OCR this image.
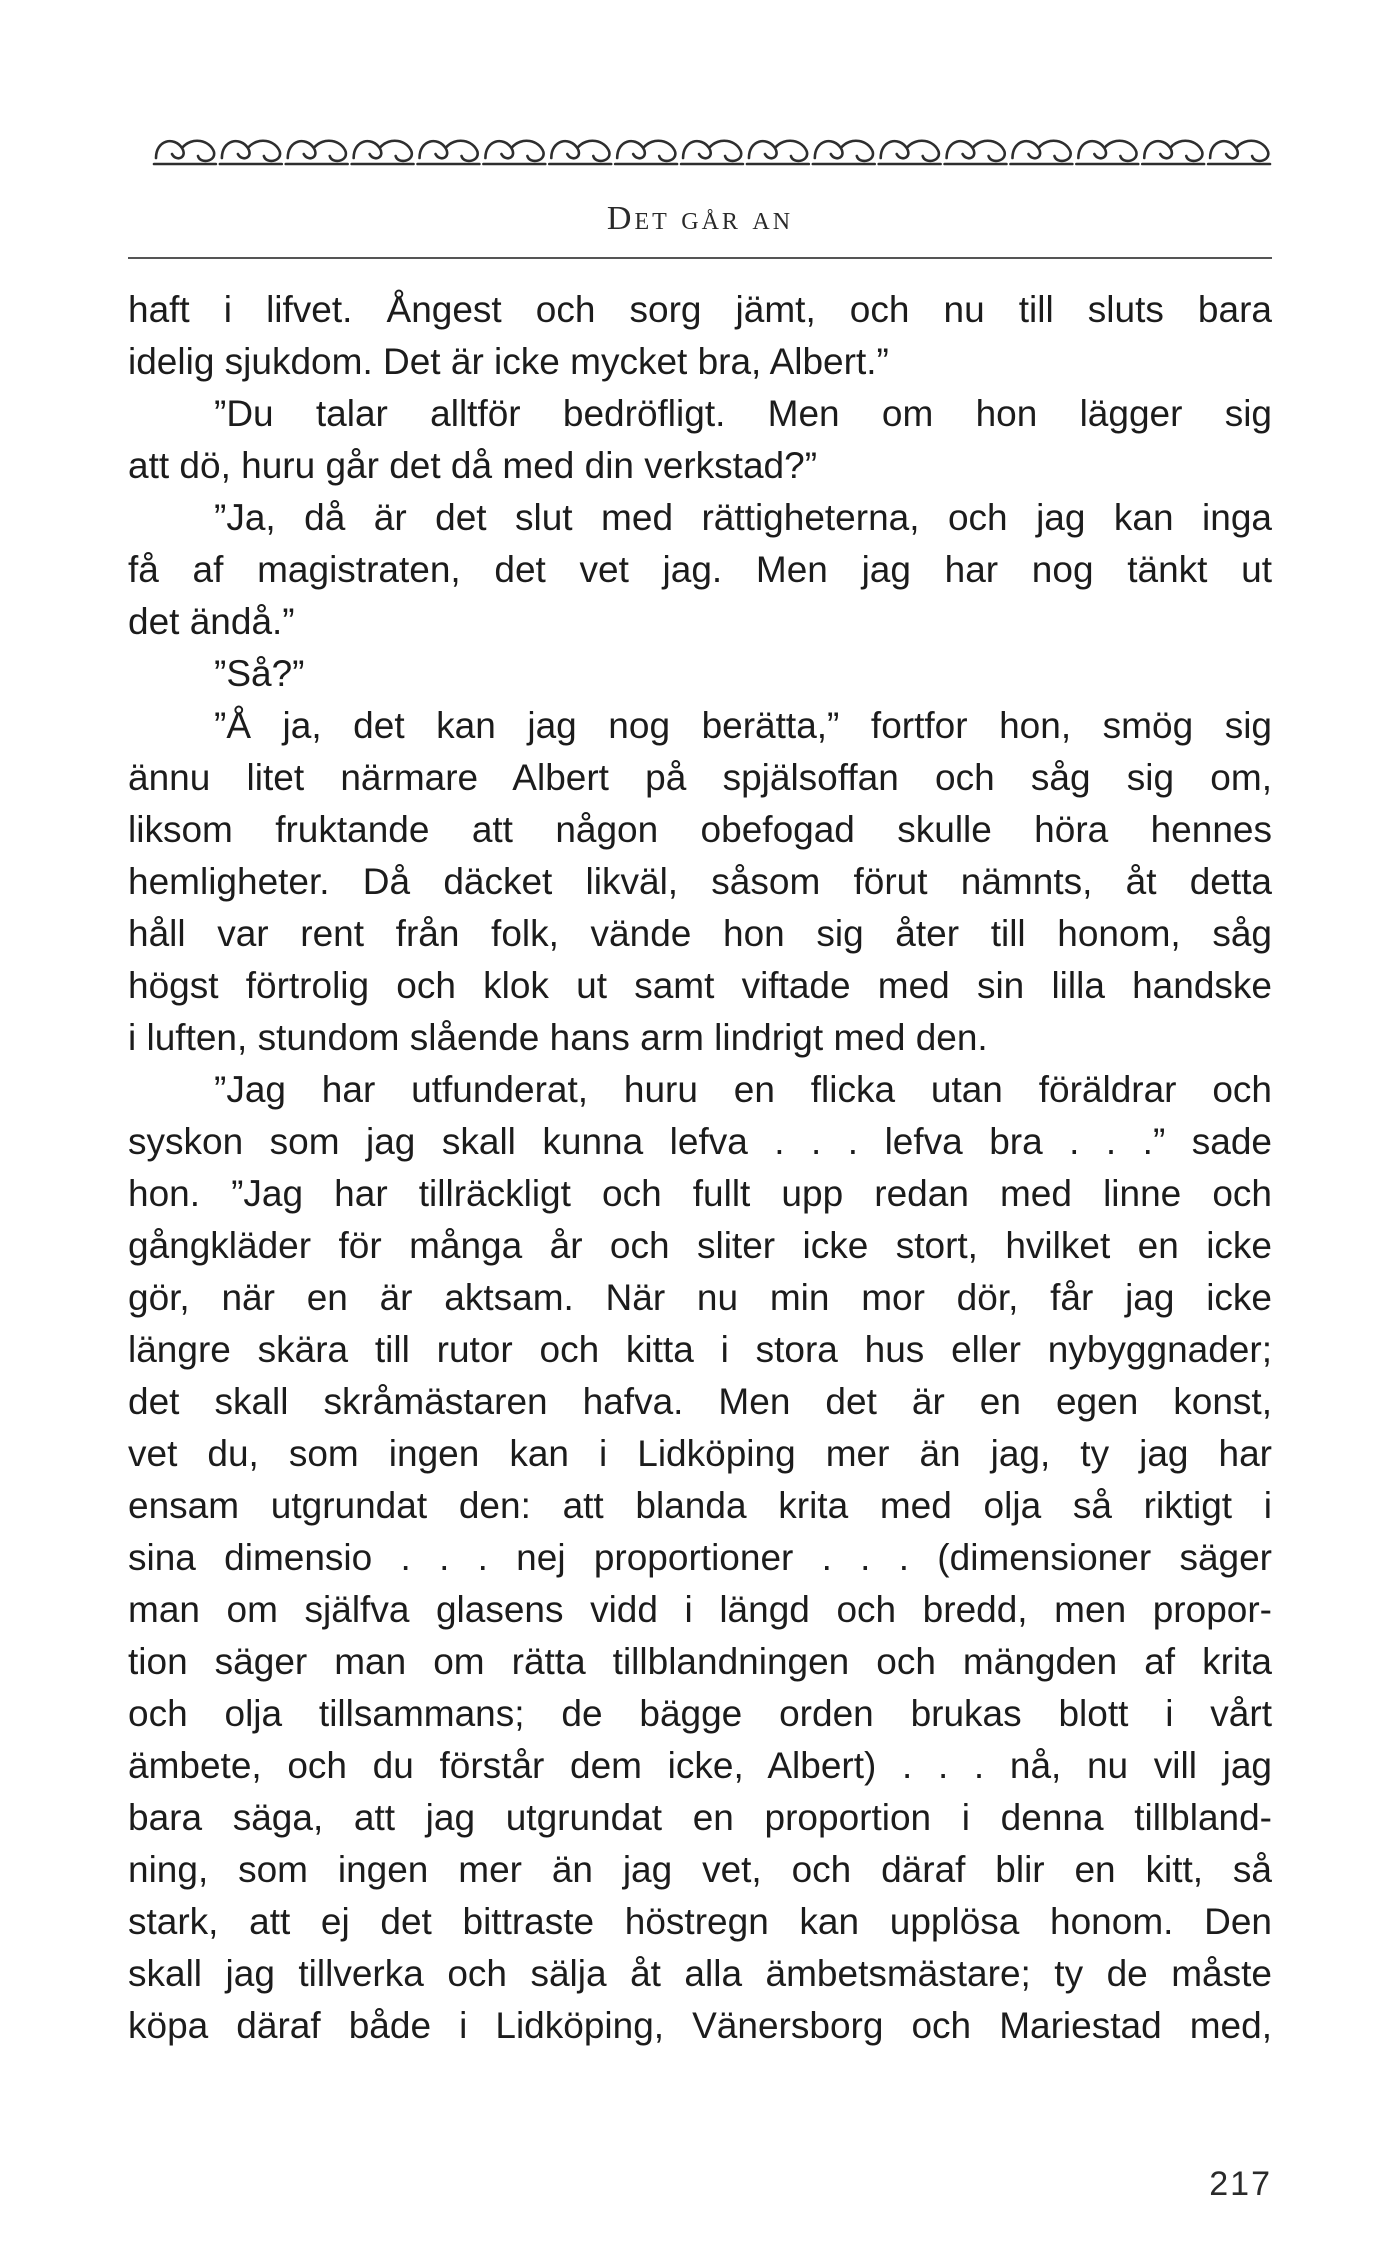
Det går an
haft i lifvet. Ångest och sorg jämt, och nu till sluts bara
idelig sjukdom. Det är icke mycket bra, Albert.”
”Du talar alltför bedröfligt. Men om hon lägger sig
att dö, huru går det då med din verkstad?”
”Ja, då är det slut med rättigheterna, och jag kan inga
få af magistraten, det vet jag. Men jag har nog tänkt ut
det ändå.”
”Så?”
”Å ja, det kan jag nog berätta,” fortfor hon, smög sig
ännu litet närmare Albert på spjälsoffan och såg sig om,
liksom fruktande att någon obefogad skulle höra hennes
hemligheter. Då däcket likväl, såsom förut nämnts, åt detta
håll var rent från folk, vände hon sig åter till honom, såg
högst förtrolig och klok ut samt viftade med sin lilla handske
i luften, stundom slående hans arm lindrigt med den.
”Jag har utfunderat, huru en flicka utan föräldrar och
syskon som jag skall kunna lefva . . . lefva bra . . .” sade
hon. ”Jag har tillräckligt och fullt upp redan med linne och
gångkläder för många år och sliter icke stort, hvilket en icke
gör, när en är aktsam. När nu min mor dör, får jag icke
längre skära till rutor och kitta i stora hus eller nybyggnader;
det skall skråmästaren hafva. Men det är en egen konst,
vet du, som ingen kan i Lidköping mer än jag, ty jag har
ensam utgrundat den: att blanda krita med olja så riktigt i
sina dimensio . . . nej proportioner . . . (dimensioner säger
man om själfva glasens vidd i längd och bredd, men propor-
tion säger man om rätta tillblandningen och mängden af krita
och olja tillsammans; de bägge orden brukas blott i vårt
ämbete, och du förstår dem icke, Albert) . . . nå, nu vill jag
bara säga, att jag utgrundat en proportion i denna tillbland-
ning, som ingen mer än jag vet, och däraf blir en kitt, så
stark, att ej det bittraste höstregn kan upplösa honom. Den
skall jag tillverka och sälja åt alla ämbetsmästare; ty de måste
köpa däraf både i Lidköping, Vänersborg och Mariestad med,
217
